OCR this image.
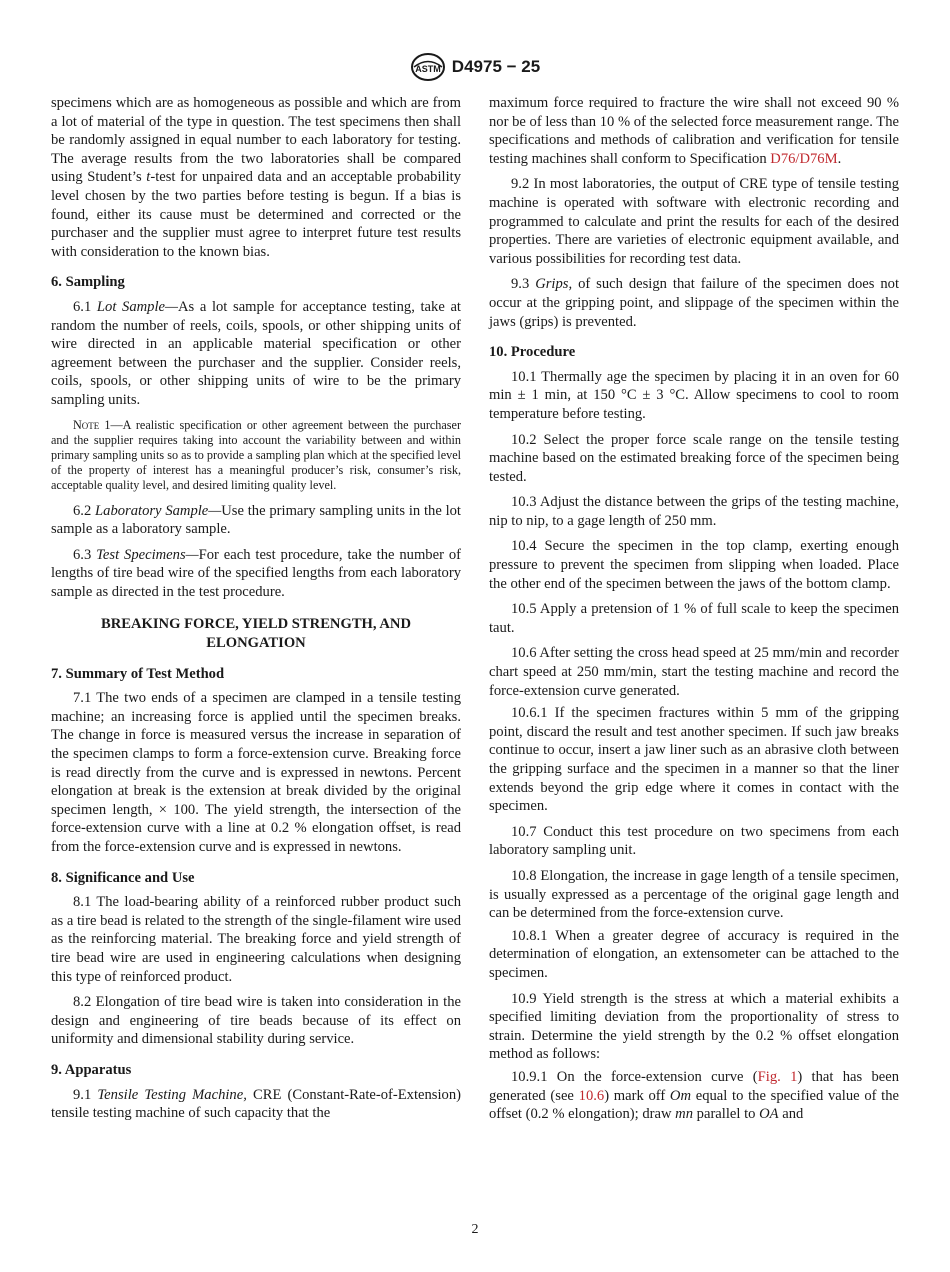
ASTM D4975 − 25

specimens which are as homogeneous as possible and which are from a lot of material of the type in question. The test specimens then shall be randomly assigned in equal number to each laboratory for testing. The average results from the two laboratories shall be compared using Student’s t-test for unpaired data and an acceptable probability level chosen by the two parties before testing is begun. If a bias is found, either its cause must be determined and corrected or the purchaser and the supplier must agree to interpret future test results with consideration to the known bias.

6. Sampling

6.1 Lot Sample—As a lot sample for acceptance testing, take at random the number of reels, coils, spools, or other shipping units of wire directed in an applicable material specification or other agreement between the purchaser and the supplier. Consider reels, coils, spools, or other shipping units of wire to be the primary sampling units.

Note 1—A realistic specification or other agreement between the purchaser and the supplier requires taking into account the variability between and within primary sampling units so as to provide a sampling plan which at the specified level of the property of interest has a meaningful producer’s risk, consumer’s risk, acceptable quality level, and desired limiting quality level.

6.2 Laboratory Sample—Use the primary sampling units in the lot sample as a laboratory sample.

6.3 Test Specimens—For each test procedure, take the number of lengths of tire bead wire of the specified lengths from each laboratory sample as directed in the test procedure.

BREAKING FORCE, YIELD STRENGTH, AND
ELONGATION
7. Summary of Test Method

7.1 The two ends of a specimen are clamped in a tensile testing machine; an increasing force is applied until the specimen breaks. The change in force is measured versus the increase in separation of the specimen clamps to form a force-extension curve. Breaking force is read directly from the curve and is expressed in newtons. Percent elongation at break is the extension at break divided by the original specimen length, × 100. The yield strength, the intersection of the force-extension curve with a line at 0.2 % elongation offset, is read from the force-extension curve and is expressed in newtons.

8. Significance and Use

8.1 The load-bearing ability of a reinforced rubber product such as a tire bead is related to the strength of the single-filament wire used as the reinforcing material. The breaking force and yield strength of tire bead wire are used in engineering calculations when designing this type of reinforced product.

8.2 Elongation of tire bead wire is taken into consideration in the design and engineering of tire beads because of its effect on uniformity and dimensional stability during service.

9. Apparatus

9.1 Tensile Testing Machine, CRE (Constant-Rate-of-Extension) tensile testing machine of such capacity that the

maximum force required to fracture the wire shall not exceed 90 % nor be of less than 10 % of the selected force measurement range. The specifications and methods of calibration and verification for tensile testing machines shall conform to Specification D76/D76M.

9.2 In most laboratories, the output of CRE type of tensile testing machine is operated with software with electronic recording and programmed to calculate and print the results for each of the desired properties. There are varieties of electronic equipment available, and various possibilities for recording test data.

9.3 Grips, of such design that failure of the specimen does not occur at the gripping point, and slippage of the specimen within the jaws (grips) is prevented.

10. Procedure

10.1 Thermally age the specimen by placing it in an oven for 60 min ± 1 min, at 150 °C ± 3 °C. Allow specimens to cool to room temperature before testing.

10.2 Select the proper force scale range on the tensile testing machine based on the estimated breaking force of the specimen being tested.

10.3 Adjust the distance between the grips of the testing machine, nip to nip, to a gage length of 250 mm.

10.4 Secure the specimen in the top clamp, exerting enough pressure to prevent the specimen from slipping when loaded. Place the other end of the specimen between the jaws of the bottom clamp.

10.5 Apply a pretension of 1 % of full scale to keep the specimen taut.

10.6 After setting the cross head speed at 25 mm/min and recorder chart speed at 250 mm/min, start the testing machine and record the force-extension curve generated.

10.6.1 If the specimen fractures within 5 mm of the gripping point, discard the result and test another specimen. If such jaw breaks continue to occur, insert a jaw liner such as an abrasive cloth between the gripping surface and the specimen in a manner so that the liner extends beyond the grip edge where it comes in contact with the specimen.

10.7 Conduct this test procedure on two specimens from each laboratory sampling unit.

10.8 Elongation, the increase in gage length of a tensile specimen, is usually expressed as a percentage of the original gage length and can be determined from the force-extension curve.

10.8.1 When a greater degree of accuracy is required in the determination of elongation, an extensometer can be attached to the specimen.

10.9 Yield strength is the stress at which a material exhibits a specified limiting deviation from the proportionality of stress to strain. Determine the yield strength by the 0.2 % offset elongation method as follows:

10.9.1 On the force-extension curve (Fig. 1) that has been generated (see 10.6) mark off Om equal to the specified value of the offset (0.2 % elongation); draw mn parallel to OA and

2
